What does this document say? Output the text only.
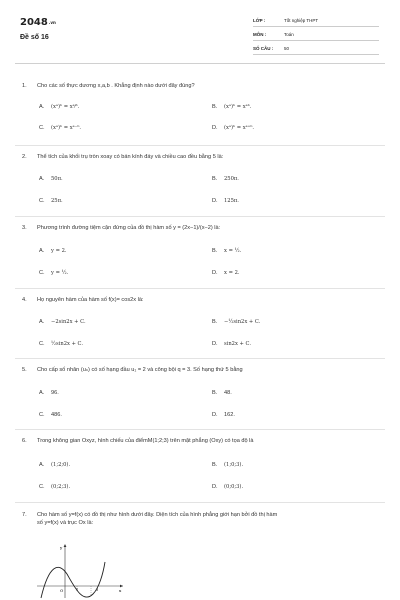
2048.vn
Đề số 16
LỚP :	Tốt nghiệp THPT
MÔN :	Toán
SỐ CÂU : 50
1. Cho các số thực dương x,a,b . Khẳng định nào dưới đây đúng?
A. (xᵃ)ᵇ = xᵃ⁄ᵇ.	B. (xᵃ)ᵇ = xᵃᵇ.
C. (xᵃ)ᵇ = xᵃ⁻ᵇ.	D. (xᵃ)ᵇ = xᵃ⁺ᵇ.
2. Thể tích của khối trụ tròn xoay có bán kính đáy và chiều cao đều bằng 5 là:
A. 50π.	B. 250π.
C. 25π.	D. 125π.
3. Phương trình đường tiệm cận đứng của đồ thị hàm số y = (2x−1)/(x−2) là:
A. y = 2.	B. x = ½.
C. y = ½.	D. x = 2.
4. Họ nguyên hàm của hàm số f(x)= cos2x là:
A. −2sin2x + C.	B. −½sin2x + C.
C. ½sin2x + C.	D. sin2x + C.
5. Cho cấp số nhân (uₙ) có số hạng đầu u₁ = 2 và công bội q = 3. Số hạng thứ 5 bằng
A. 96.	B. 48.
C. 486.	D. 162.
6. Trong không gian Oxyz, hình chiếu của điểmM(1;2;3) trên mặt phẳng (Oxy) có tọa độ là
A. (1;2;0).	B. (1;0;3).
C. (0;2;3).	D. (0;0;3).
7. Cho hàm số y=f(x) có đồ thị như hình dưới đây. Diện tích của hình phẳng giới hạn bởi đồ thị hàm
số y=f(x) và trục Ox là:
y
x
O	1	3
